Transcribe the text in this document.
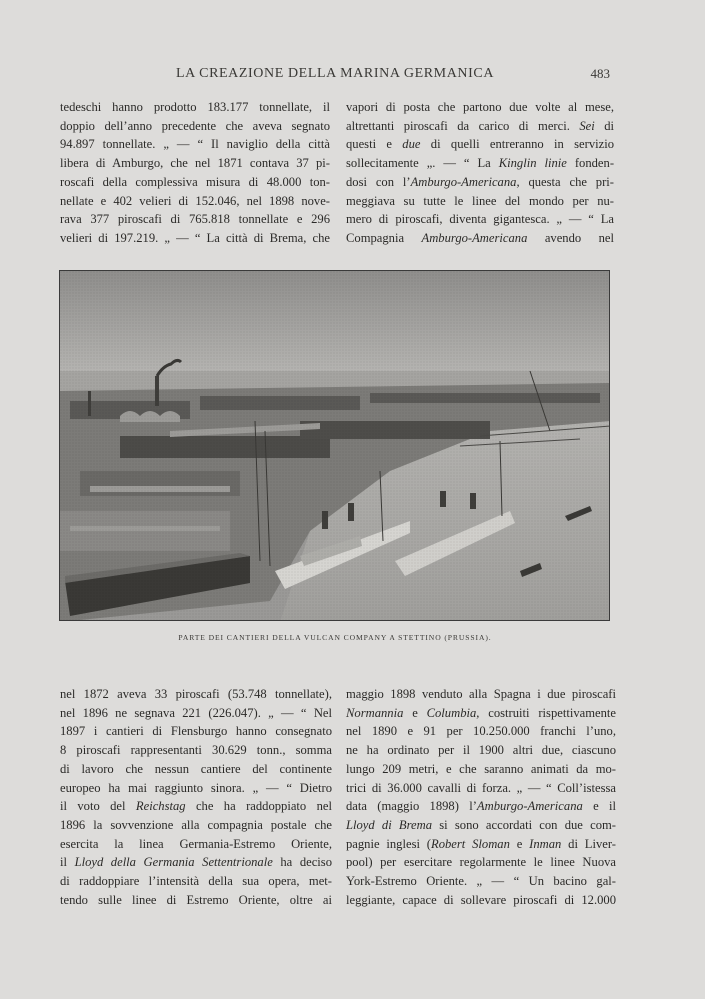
LA CREAZIONE DELLA MARINA GERMANICA	483
tedeschi hanno prodotto 183.177 tonnellate, il
doppio dell’anno precedente che aveva segnato
94.897 tonnellate. „ — “ Il naviglio della città
libera di Amburgo, che nel 1871 contava 37 pi-
roscafi della complessiva misura di 48.000 ton-
nellate e 402 velieri di 152.046, nel 1898 nove-
rava 377 piroscafi di 765.818 tonnellate e 296
velieri di 197.219. „ — “ La città di Brema, che
vapori di posta che partono due volte al mese,
altrettanti piroscafi da carico di merci. Sei di
questi e due di quelli entreranno in servizio
sollecitamente „. — “ La Kinglin linie fonden-
dosi con l’Amburgo-Americana, questa che pri-
meggiava su tutte le linee del mondo per nu-
mero di piroscafi, diventa gigantesca. „ — “ La
Compagnia Amburgo-Americana avendo nel
PARTE DEI CANTIERI DELLA VULCAN COMPANY A STETTINO (PRUSSIA).
nel 1872 aveva 33 piroscafi (53.748 tonnellate),
nel 1896 ne segnava 221 (226.047). „ — “ Nel
1897 i cantieri di Flensburgo hanno consegnato
8 piroscafi rappresentanti 30.629 tonn., somma
di lavoro che nessun cantiere del continente
europeo ha mai raggiunto sinora. „ — “ Dietro
il voto del Reichstag che ha raddoppiato nel
1896 la sovvenzione alla compagnia postale che
esercita la linea Germania-Estremo Oriente,
il Lloyd della Germania Settentrionale ha deciso
di raddoppiare l’intensità della sua opera, met-
tendo sulle linee di Estremo Oriente, oltre ai
maggio 1898 venduto alla Spagna i due piroscafi
Normannia e Columbia, costruiti rispettivamente
nel 1890 e 91 per 10.250.000 franchi l’uno,
ne ha ordinato per il 1900 altri due, ciascuno
lungo 209 metri, e che saranno animati da mo-
trici di 36.000 cavalli di forza. „ — “ Coll’istessa
data (maggio 1898) l’Amburgo-Americana e il
Lloyd di Brema si sono accordati con due com-
pagnie inglesi (Robert Sloman e Inman di Liver-
pool) per esercitare regolarmente le linee Nuova
York-Estremo Oriente. „ — “ Un bacino gal-
leggiante, capace di sollevare piroscafi di 12.000
